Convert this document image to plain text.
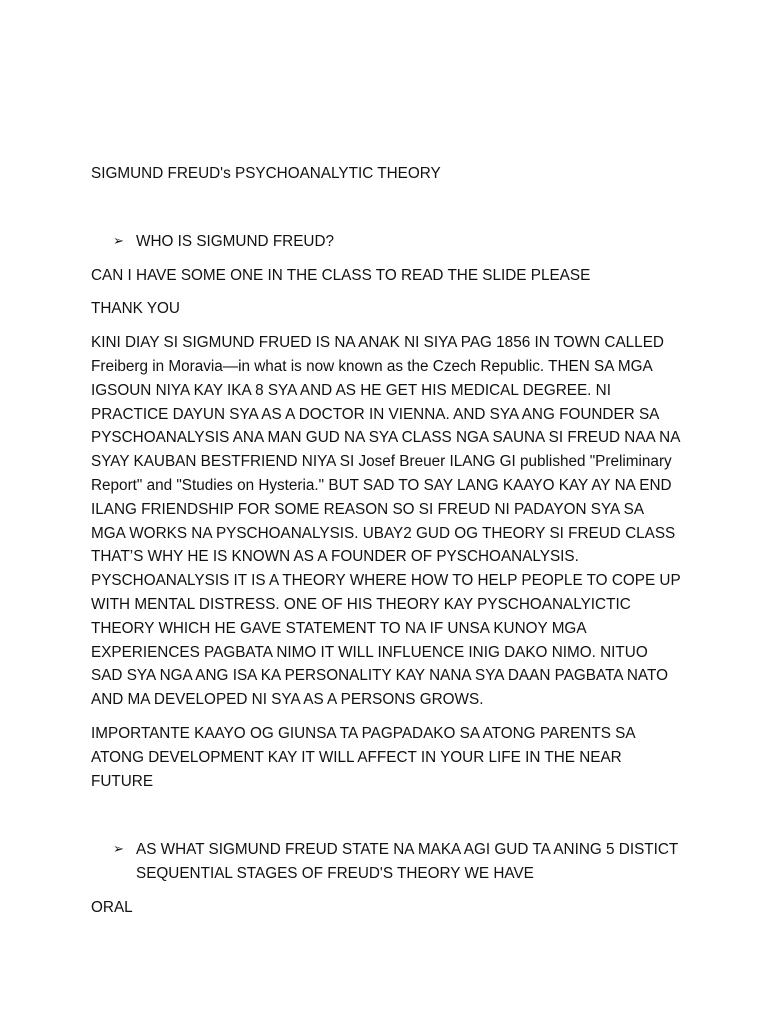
SIGMUND FREUD's PSYCHOANALYTIC THEORY

➢ WHO IS SIGMUND FREUD?

CAN I HAVE SOME ONE IN THE CLASS TO READ THE SLIDE PLEASE

THANK YOU

KINI DIAY SI SIGMUND FRUED IS NA ANAK NI SIYA PAG 1856 IN TOWN CALLED Freiberg in Moravia—in what is now known as the Czech Republic. THEN SA MGA IGSOUN NIYA KAY IKA 8 SYA AND AS HE GET HIS MEDICAL DEGREE. NI PRACTICE DAYUN SYA AS A DOCTOR IN VIENNA. AND SYA ANG FOUNDER SA PYSCHOANALYSIS ANA MAN GUD NA SYA CLASS NGA SAUNA SI FREUD NAA NA SYAY KAUBAN BESTFRIEND NIYA SI Josef Breuer ILANG GI published "Preliminary Report" and "Studies on Hysteria." BUT SAD TO SAY LANG KAAYO KAY AY NA END ILANG FRIENDSHIP FOR SOME REASON SO SI FREUD NI PADAYON SYA SA MGA WORKS NA PYSCHOANALYSIS. UBAY2 GUD OG THEORY SI FREUD CLASS THAT’S WHY HE IS KNOWN AS A FOUNDER OF PYSCHOANALYSIS. PYSCHOANALYSIS IT IS A THEORY WHERE HOW TO HELP PEOPLE TO COPE UP WITH MENTAL DISTRESS. ONE OF HIS THEORY KAY PYSCHOANALYICTIC THEORY WHICH HE GAVE STATEMENT TO NA IF UNSA KUNOY MGA EXPERIENCES PAGBATA NIMO IT WILL INFLUENCE INIG DAKO NIMO. NITUO SAD SYA NGA ANG ISA KA PERSONALITY KAY NANA SYA DAAN PAGBATA NATO AND MA DEVELOPED NI SYA AS A PERSONS GROWS.

IMPORTANTE KAAYO OG GIUNSA TA PAGPADAKO SA ATONG PARENTS SA ATONG DEVELOPMENT KAY IT WILL AFFECT IN YOUR LIFE IN THE NEAR FUTURE

➢ AS WHAT SIGMUND FREUD STATE NA MAKA AGI GUD TA ANING 5 DISTICT SEQUENTIAL STAGES OF FREUD'S THEORY WE HAVE

ORAL
